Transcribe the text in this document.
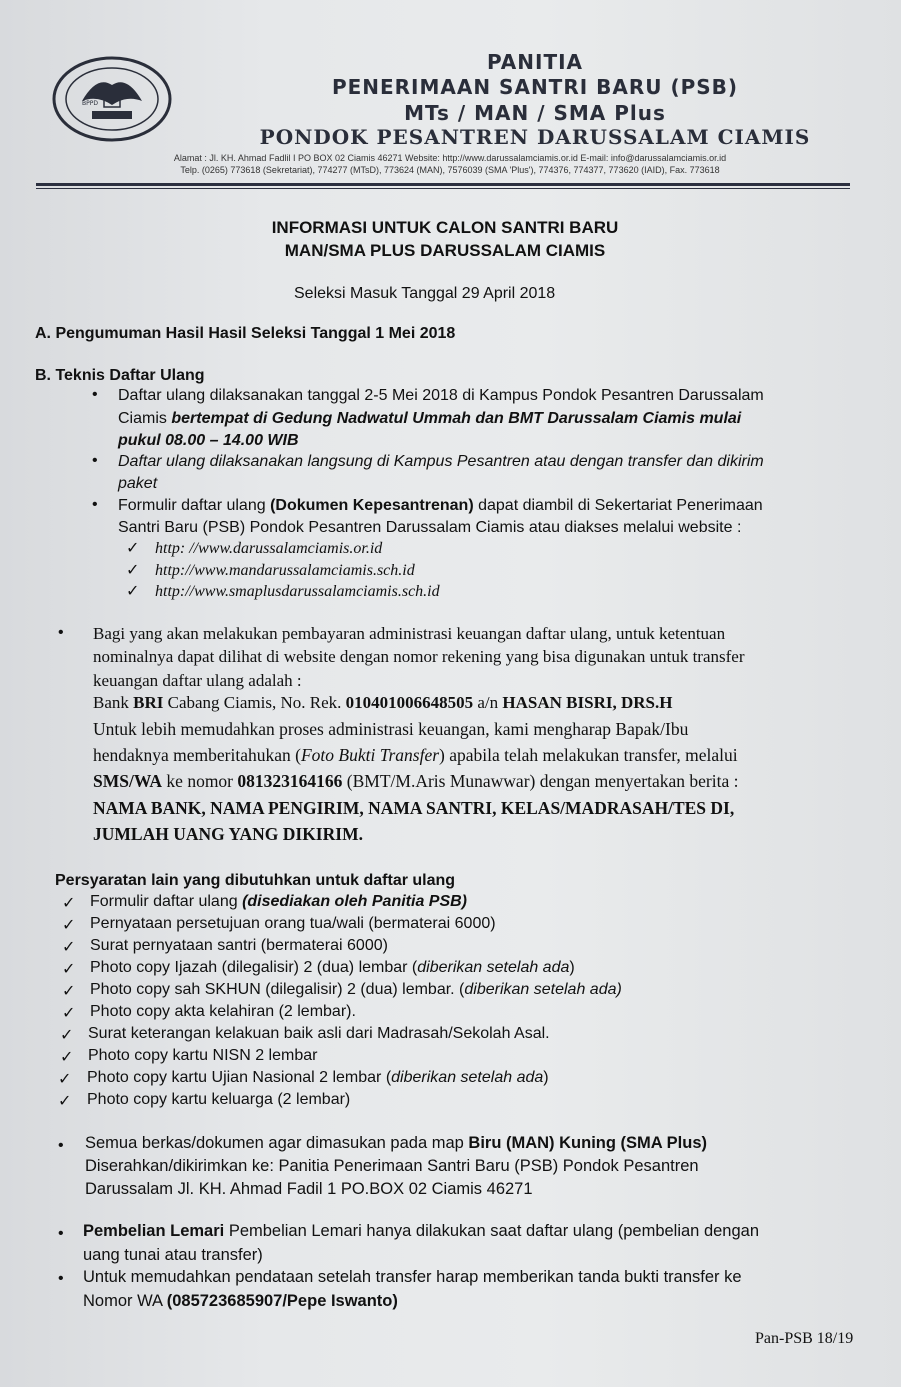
BPPD
PANITIA
PENERIMAAN SANTRI BARU (PSB)
MTs / MAN / SMA Plus
PONDOK PESANTREN DARUSSALAM CIAMIS
Alamat : Jl. KH. Ahmad Fadlil I PO BOX 02 Ciamis 46271 Website: http://www.darussalamciamis.or.id E-mail: info@darussalamciamis.or.id
Telp. (0265) 773618 (Sekretariat), 774277 (MTsD), 773624 (MAN), 7576039 (SMA 'Plus'), 774376, 774377, 773620 (IAID), Fax. 773618
INFORMASI UNTUK CALON SANTRI BARU
MAN/SMA PLUS DARUSSALAM CIAMIS
Seleksi Masuk Tanggal 29 April 2018
A. Pengumuman Hasil Hasil Seleksi Tanggal 1 Mei 2018
B. Teknis Daftar Ulang
• Daftar ulang dilaksanakan tanggal 2-5 Mei 2018 di Kampus Pondok Pesantren Darussalam
Ciamis bertempat di Gedung Nadwatul Ummah dan BMT Darussalam Ciamis mulai
pukul 08.00 – 14.00 WIB
• Daftar ulang dilaksanakan langsung di Kampus Pesantren atau dengan transfer dan dikirim
paket
• Formulir daftar ulang (Dokumen Kepesantrenan) dapat diambil di Sekertariat Penerimaan
Santri Baru (PSB) Pondok Pesantren Darussalam Ciamis atau diakses melalui website :
✓ http: //www.darussalamciamis.or.id
✓ http://www.mandarussalamciamis.sch.id
✓ http://www.smaplusdarussalamciamis.sch.id
• Bagi yang akan melakukan pembayaran administrasi keuangan daftar ulang, untuk ketentuan
nominalnya dapat dilihat di website dengan nomor rekening yang bisa digunakan untuk transfer
keuangan daftar ulang adalah :
Bank BRI Cabang Ciamis, No. Rek. 010401006648505 a/n HASAN BISRI, DRS.H
Untuk lebih memudahkan proses administrasi keuangan, kami mengharap Bapak/Ibu
hendaknya memberitahukan (Foto Bukti Transfer) apabila telah melakukan transfer, melalui
SMS/WA ke nomor 081323164166 (BMT/M.Aris Munawwar) dengan menyertakan berita :
NAMA BANK, NAMA PENGIRIM, NAMA SANTRI, KELAS/MADRASAH/TES DI,
JUMLAH UANG YANG DIKIRIM.
Persyaratan lain yang dibutuhkan untuk daftar ulang
✓ Formulir daftar ulang (disediakan oleh Panitia PSB)
✓ Pernyataan persetujuan orang tua/wali (bermaterai 6000)
✓ Surat pernyataan santri (bermaterai 6000)
✓ Photo copy Ijazah (dilegalisir) 2 (dua) lembar (diberikan setelah ada)
✓ Photo copy sah SKHUN (dilegalisir) 2 (dua) lembar. (diberikan setelah ada)
✓ Photo copy akta kelahiran (2 lembar).
✓ Surat keterangan kelakuan baik asli dari Madrasah/Sekolah Asal.
✓ Photo copy kartu NISN 2 lembar
✓ Photo copy kartu Ujian Nasional 2 lembar (diberikan setelah ada)
✓ Photo copy kartu keluarga (2 lembar)
• Semua berkas/dokumen agar dimasukan pada map Biru (MAN) Kuning (SMA Plus)
Diserahkan/dikirimkan ke: Panitia Penerimaan Santri Baru (PSB) Pondok Pesantren
Darussalam Jl. KH. Ahmad Fadil 1 PO.BOX 02 Ciamis 46271
• Pembelian Lemari Pembelian Lemari hanya dilakukan saat daftar ulang (pembelian dengan
uang tunai atau transfer)
• Untuk memudahkan pendataan setelah transfer harap memberikan tanda bukti transfer ke
Nomor WA (085723685907/Pepe Iswanto)
Pan-PSB 18/19
